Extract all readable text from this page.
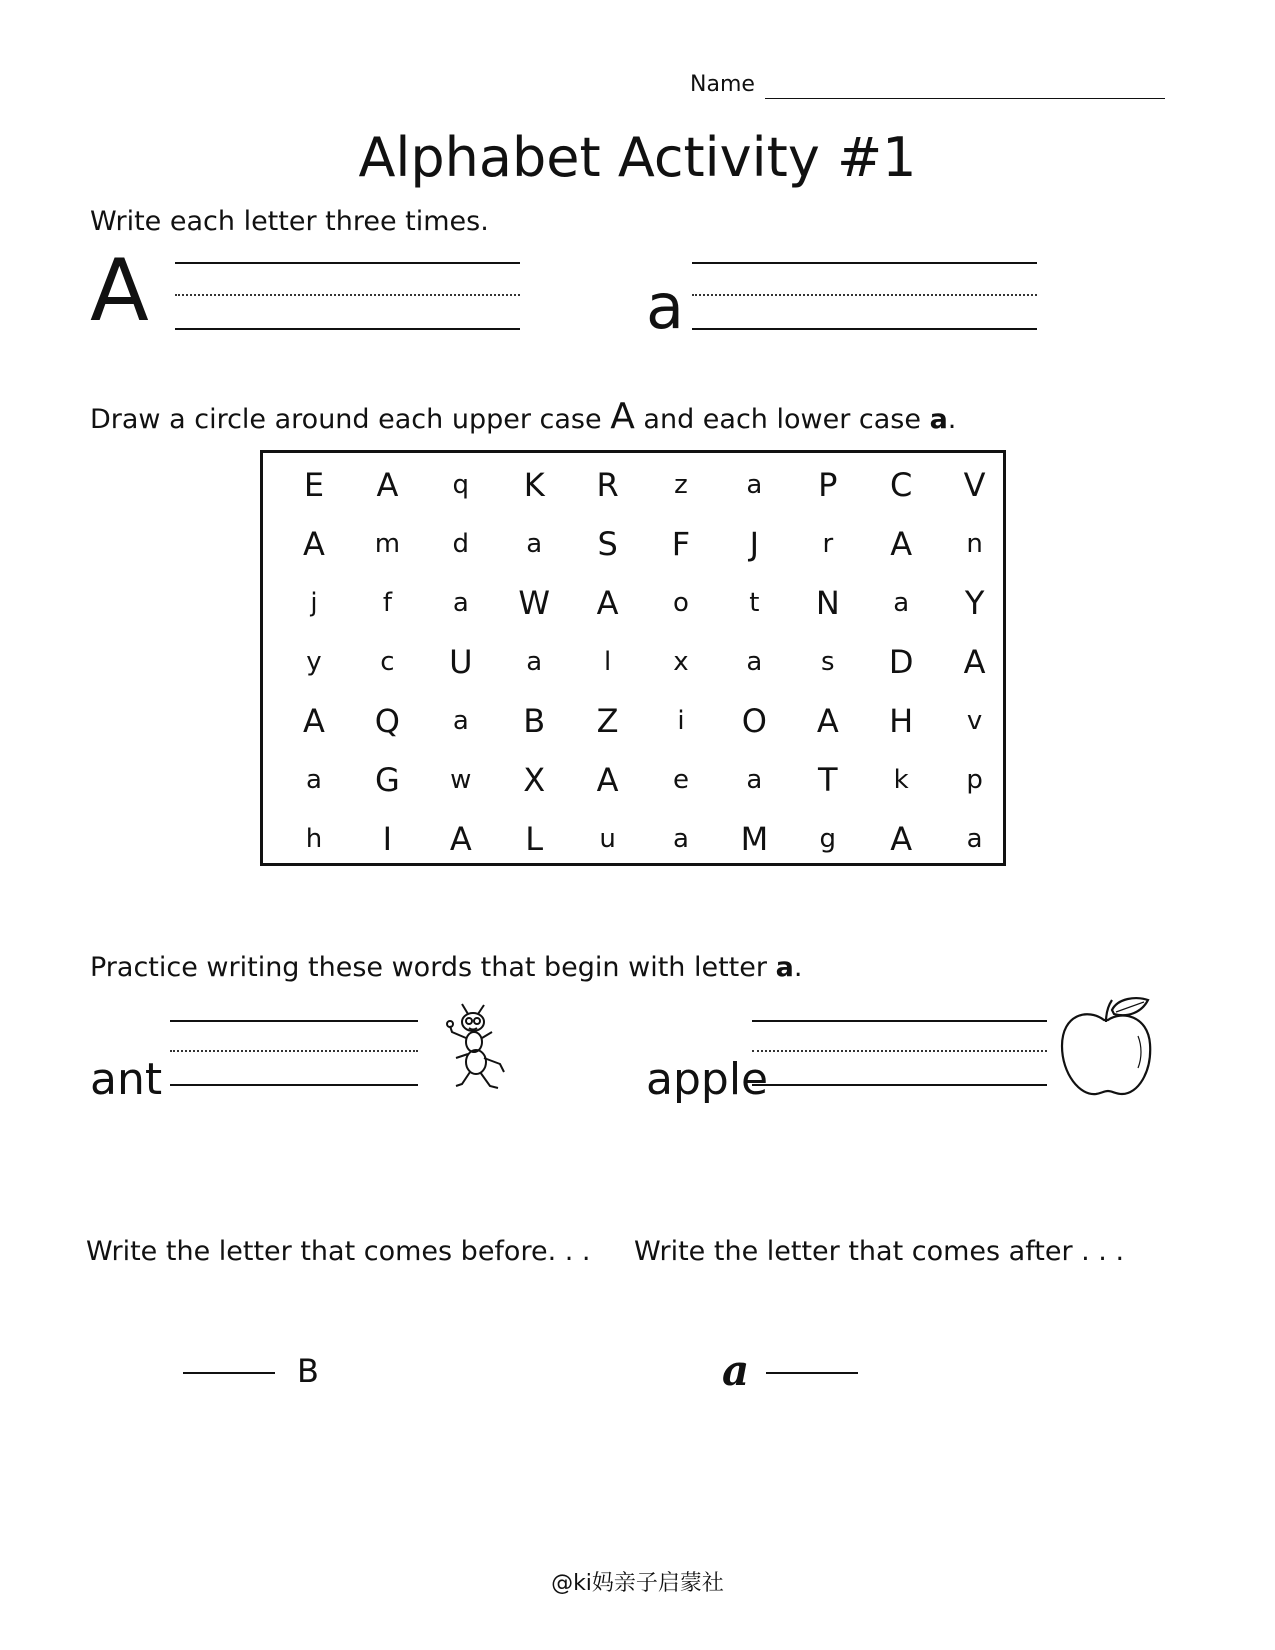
Name
Alphabet Activity #1
Write each letter three times.
A	a
Draw a circle around each upper case A and each lower case a.
E	A	q	K	R	z	a	P	C	V
A	m	d	a	S	F	J	r	A	n
j	f	a	W	A	o	t	N	a	Y
y	c	U	a	l	x	a	s	D	A
A	Q	a	B	Z	i	O	A	H	v
a	G	w	X	A	e	a	T	k	p
h	I	A	L	u	a	M	g	A	a
Practice writing these words that begin with letter a.
ant	apple
Write the letter that comes before. . . Write the letter that comes after . . .
B	a
@ki妈亲子启蒙社
